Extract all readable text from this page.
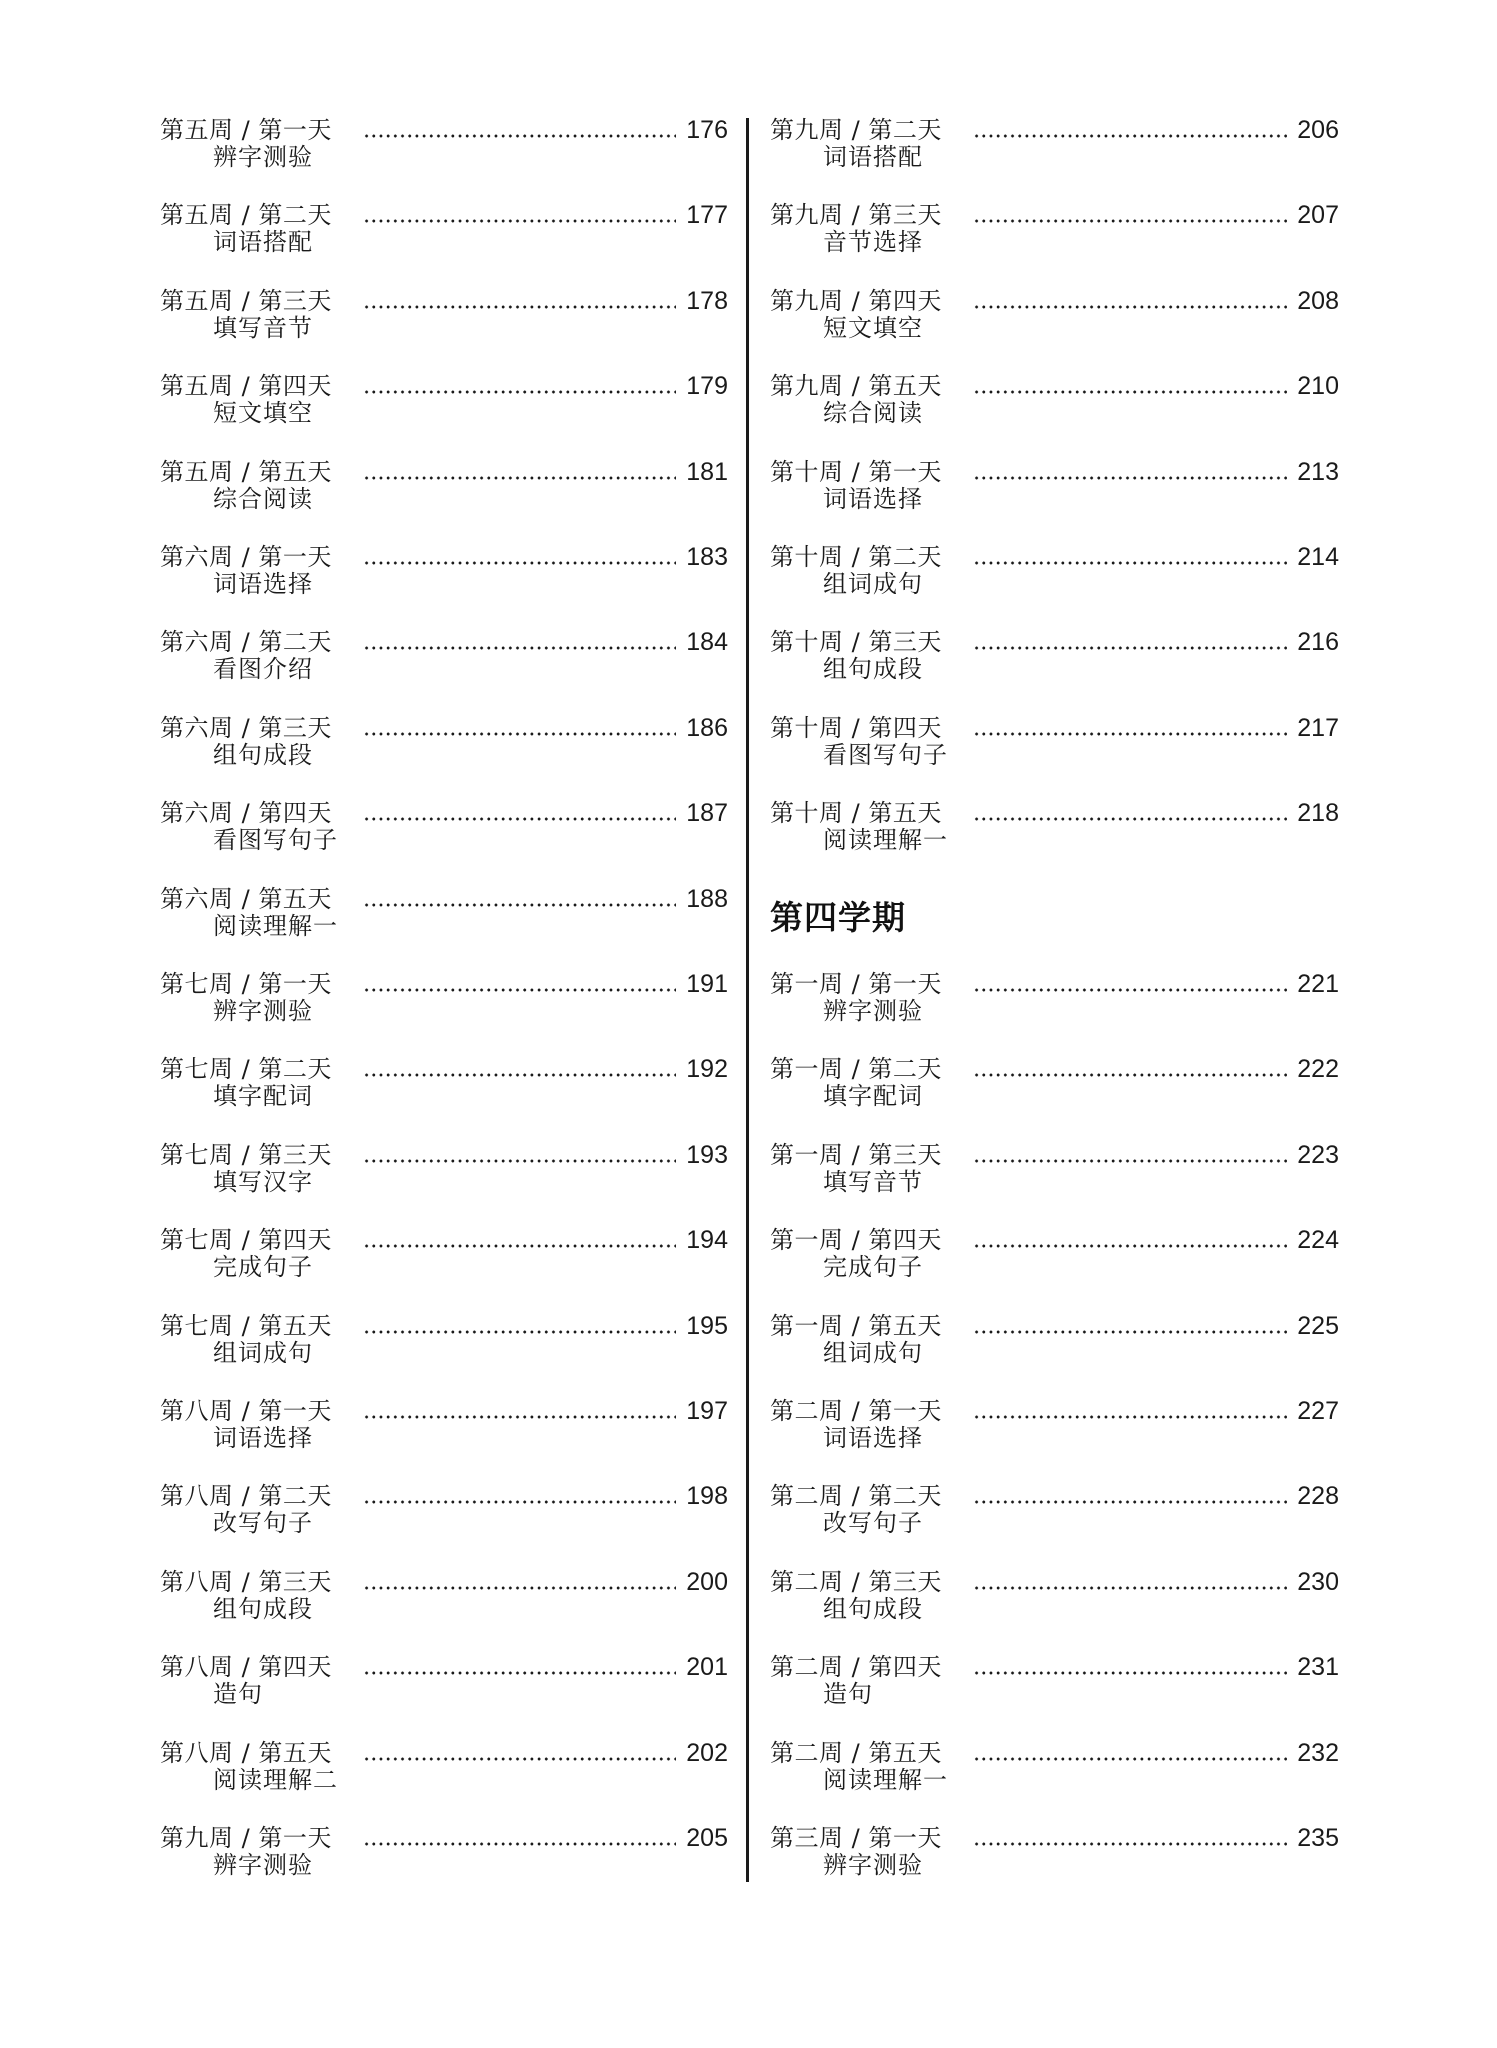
第五周 / 第一天
辨字测验
176
第五周 / 第二天
词语搭配
177
第五周 / 第三天
填写音节
178
第五周 / 第四天
短文填空
179
第五周 / 第五天
综合阅读
181
第六周 / 第一天
词语选择
183
第六周 / 第二天
看图介绍
184
第六周 / 第三天
组句成段
186
第六周 / 第四天
看图写句子
187
第六周 / 第五天
阅读理解一
188
第七周 / 第一天
辨字测验
191
第七周 / 第二天
填字配词
192
第七周 / 第三天
填写汉字
193
第七周 / 第四天
完成句子
194
第七周 / 第五天
组词成句
195
第八周 / 第一天
词语选择
197
第八周 / 第二天
改写句子
198
第八周 / 第三天
组句成段
200
第八周 / 第四天
造句
201
第八周 / 第五天
阅读理解二
202
第九周 / 第一天
辨字测验
205
第四学期
第九周 / 第二天
词语搭配
206
第九周 / 第三天
音节选择
207
第九周 / 第四天
短文填空
208
第九周 / 第五天
综合阅读
210
第十周 / 第一天
词语选择
213
第十周 / 第二天
组词成句
214
第十周 / 第三天
组句成段
216
第十周 / 第四天
看图写句子
217
第十周 / 第五天
阅读理解一
218
第一周 / 第一天
辨字测验
221
第一周 / 第二天
填字配词
222
第一周 / 第三天
填写音节
223
第一周 / 第四天
完成句子
224
第一周 / 第五天
组词成句
225
第二周 / 第一天
词语选择
227
第二周 / 第二天
改写句子
228
第二周 / 第三天
组句成段
230
第二周 / 第四天
造句
231
第二周 / 第五天
阅读理解一
232
第三周 / 第一天
辨字测验
235
